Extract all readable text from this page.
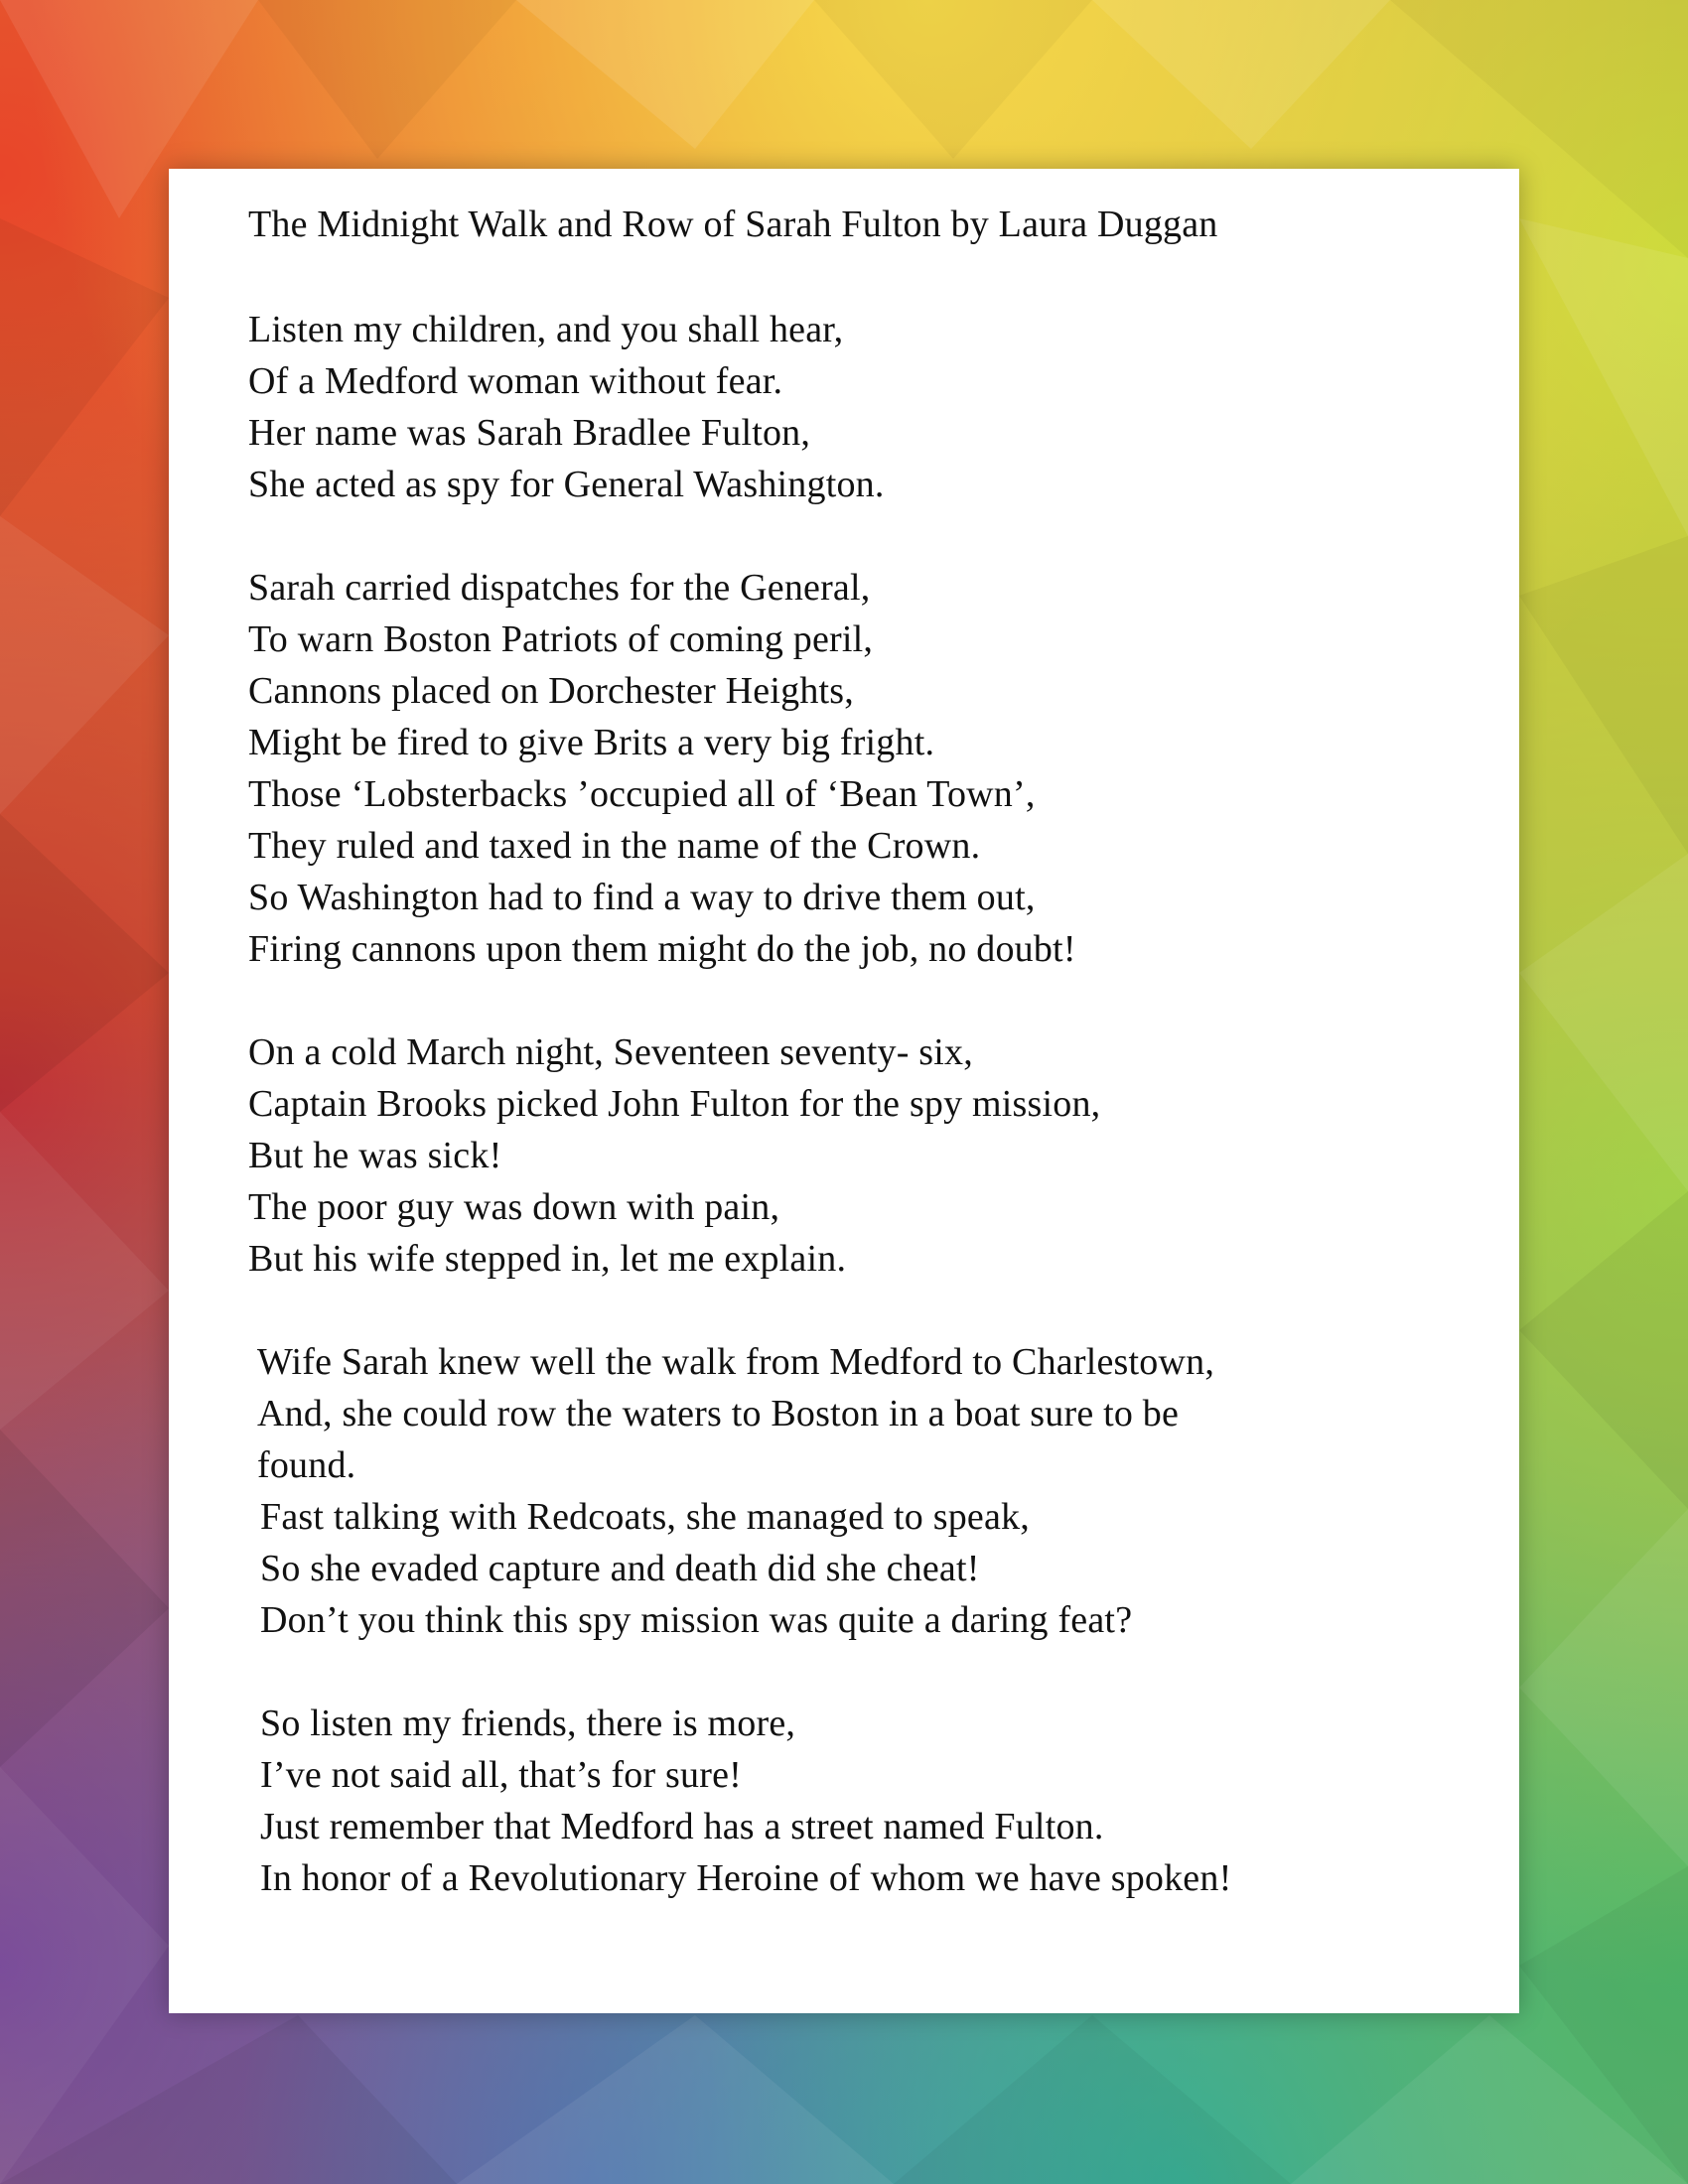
The Midnight Walk and Row of Sarah Fulton by Laura Duggan
Listen my children, and you shall hear,
Of a Medford woman without fear.
Her name was Sarah Bradlee Fulton,
She acted as spy for General Washington.
Sarah carried dispatches for the General,
To warn Boston Patriots of coming peril,
Cannons placed on Dorchester Heights,
Might be fired to give Brits a very big fright.
Those ‘Lobsterbacks ’occupied all of ‘Bean Town’,
They ruled and taxed in the name of the Crown.
So Washington had to find a way to drive them out,
Firing cannons upon them might do the job, no doubt!
On a cold March night, Seventeen seventy- six,
Captain Brooks picked John Fulton for the spy mission,
But he was sick!
The poor guy was down with pain,
But his wife stepped in, let me explain.
Wife Sarah knew well the walk from Medford to Charlestown,
And, she could row the waters to Boston in a boat sure to be
found.
Fast talking with Redcoats, she managed to speak,
So she evaded capture and death did she cheat!
Don’t you think this spy mission was quite a daring feat?
So listen my friends, there is more,
I’ve not said all, that’s for sure!
Just remember that Medford has a street named Fulton.
In honor of a Revolutionary Heroine of whom we have spoken!
